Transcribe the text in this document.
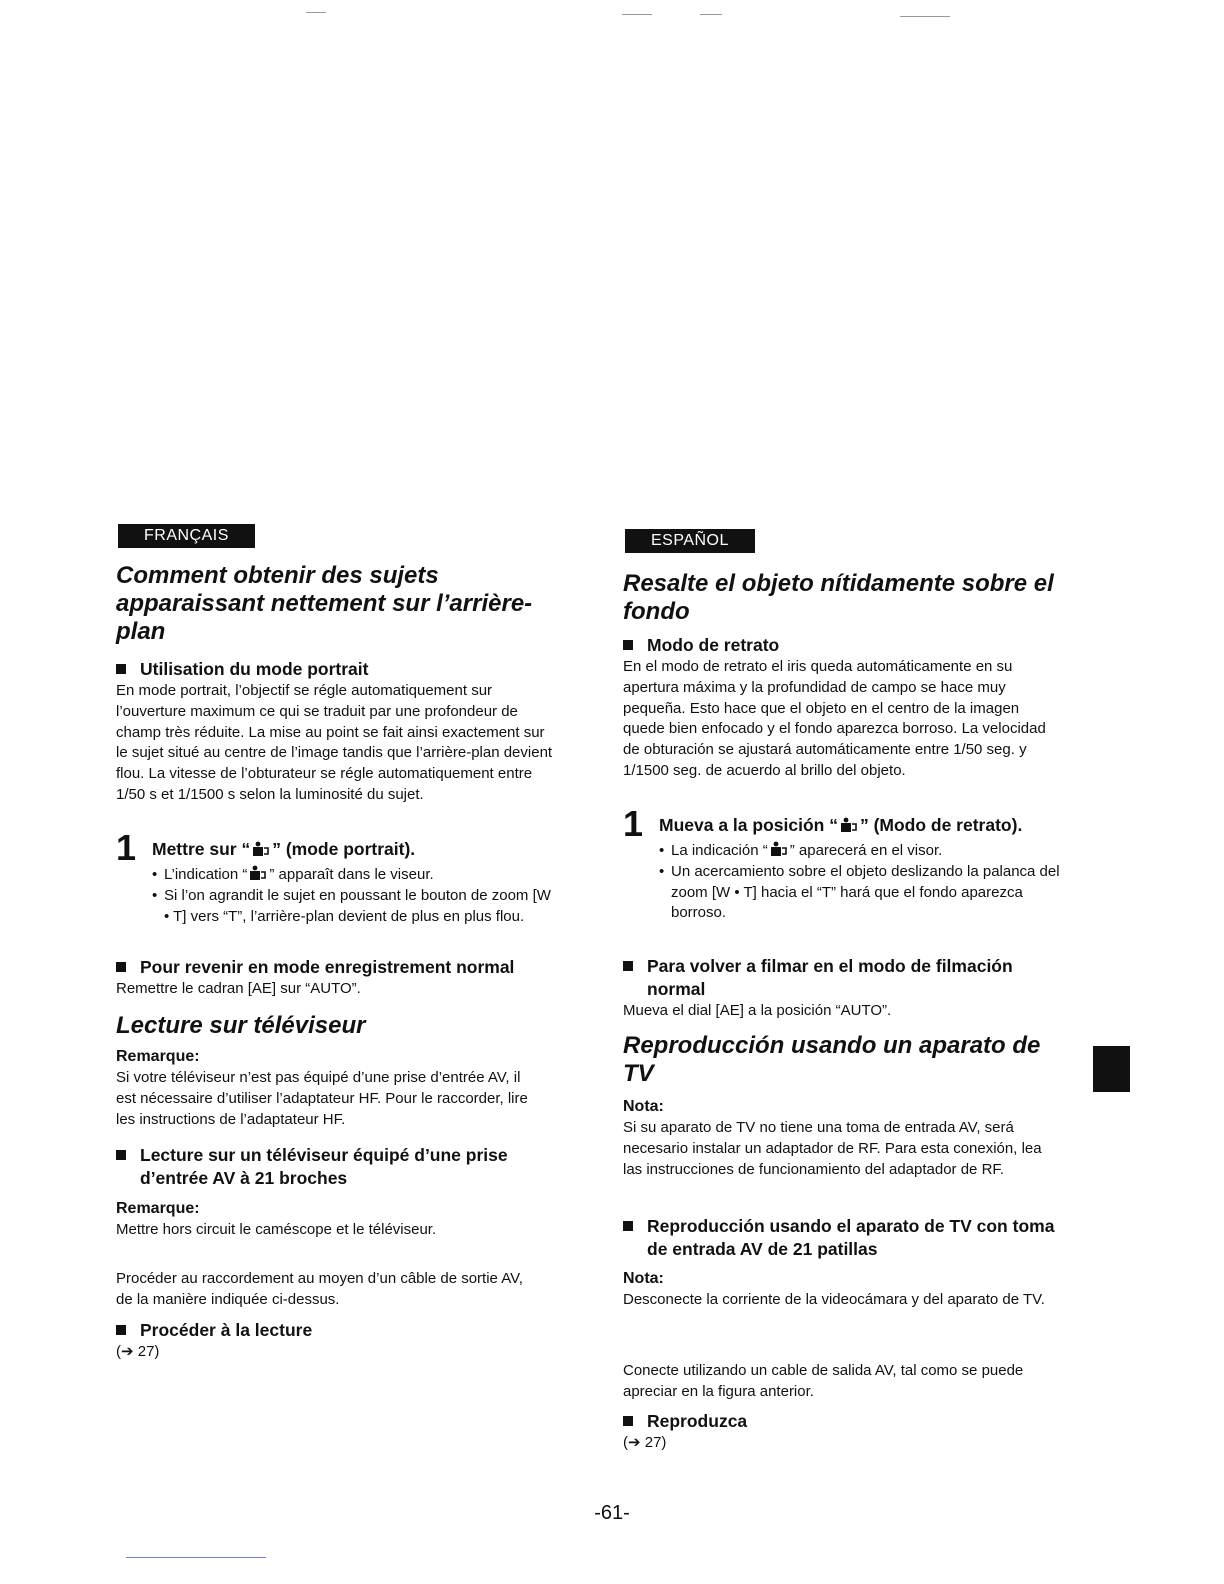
FRANÇAIS
Comment obtenir des sujets apparaissant nettement sur l’arrière-plan
Utilisation du mode portrait
En mode portrait, l’objectif se régle automatiquement sur l’ouverture maximum ce qui se traduit par une profondeur de champ très réduite. La mise au point se fait ainsi exactement sur le sujet situé au centre de l’image tandis que l’arrière-plan devient flou. La vitesse de l’obturateur se régle automatiquement entre 1/50 s et 1/1500 s selon la luminosité du sujet.
1 Mettre sur “ ” (mode portrait).
• L’indication “ ” apparaît dans le viseur.
• Si l’on agrandit le sujet en poussant le bouton de zoom [W • T] vers “T”, l’arrière-plan devient de plus en plus flou.
Pour revenir en mode enregistrement normal
Remettre le cadran [AE] sur “AUTO”.
Lecture sur téléviseur
Remarque:
Si votre téléviseur n’est pas équipé d’une prise d’entrée AV, il est nécessaire d’utiliser l’adaptateur HF. Pour le raccorder, lire les instructions de l’adaptateur HF.
Lecture sur un téléviseur équipé d’une prise d’entrée AV à 21 broches
Remarque:
Mettre hors circuit le caméscope et le téléviseur.
Procéder au raccordement au moyen d’un câble de sortie AV, de la manière indiquée ci-dessus.
Procéder à la lecture
(➔ 27)
ESPAÑOL
Resalte el objeto nítidamente sobre el fondo
Modo de retrato
En el modo de retrato el iris queda automáticamente en su apertura máxima y la profundidad de campo se hace muy pequeña. Esto hace que el objeto en el centro de la imagen quede bien enfocado y el fondo aparezca borroso. La velocidad de obturación se ajustará automáticamente entre 1/50 seg. y 1/1500 seg. de acuerdo al brillo del objeto.
1 Mueva a la posición “ ” (Modo de retrato).
• La indicación “ ” aparecerá en el visor.
• Un acercamiento sobre el objeto deslizando la palanca del zoom [W • T] hacia el “T” hará que el fondo aparezca borroso.
Para volver a filmar en el modo de filmación normal
Mueva el dial [AE] a la posición “AUTO”.
Reproducción usando un aparato de TV
Nota:
Si su aparato de TV no tiene una toma de entrada AV, será necesario instalar un adaptador de RF. Para esta conexión, lea las instrucciones de funcionamiento del adaptador de RF.
Reproducción usando el aparato de TV con toma de entrada AV de 21 patillas
Nota:
Desconecte la corriente de la videocámara y del aparato de TV.
Conecte utilizando un cable de salida AV, tal como se puede apreciar en la figura anterior.
Reproduzca
(➔ 27)
-61-
